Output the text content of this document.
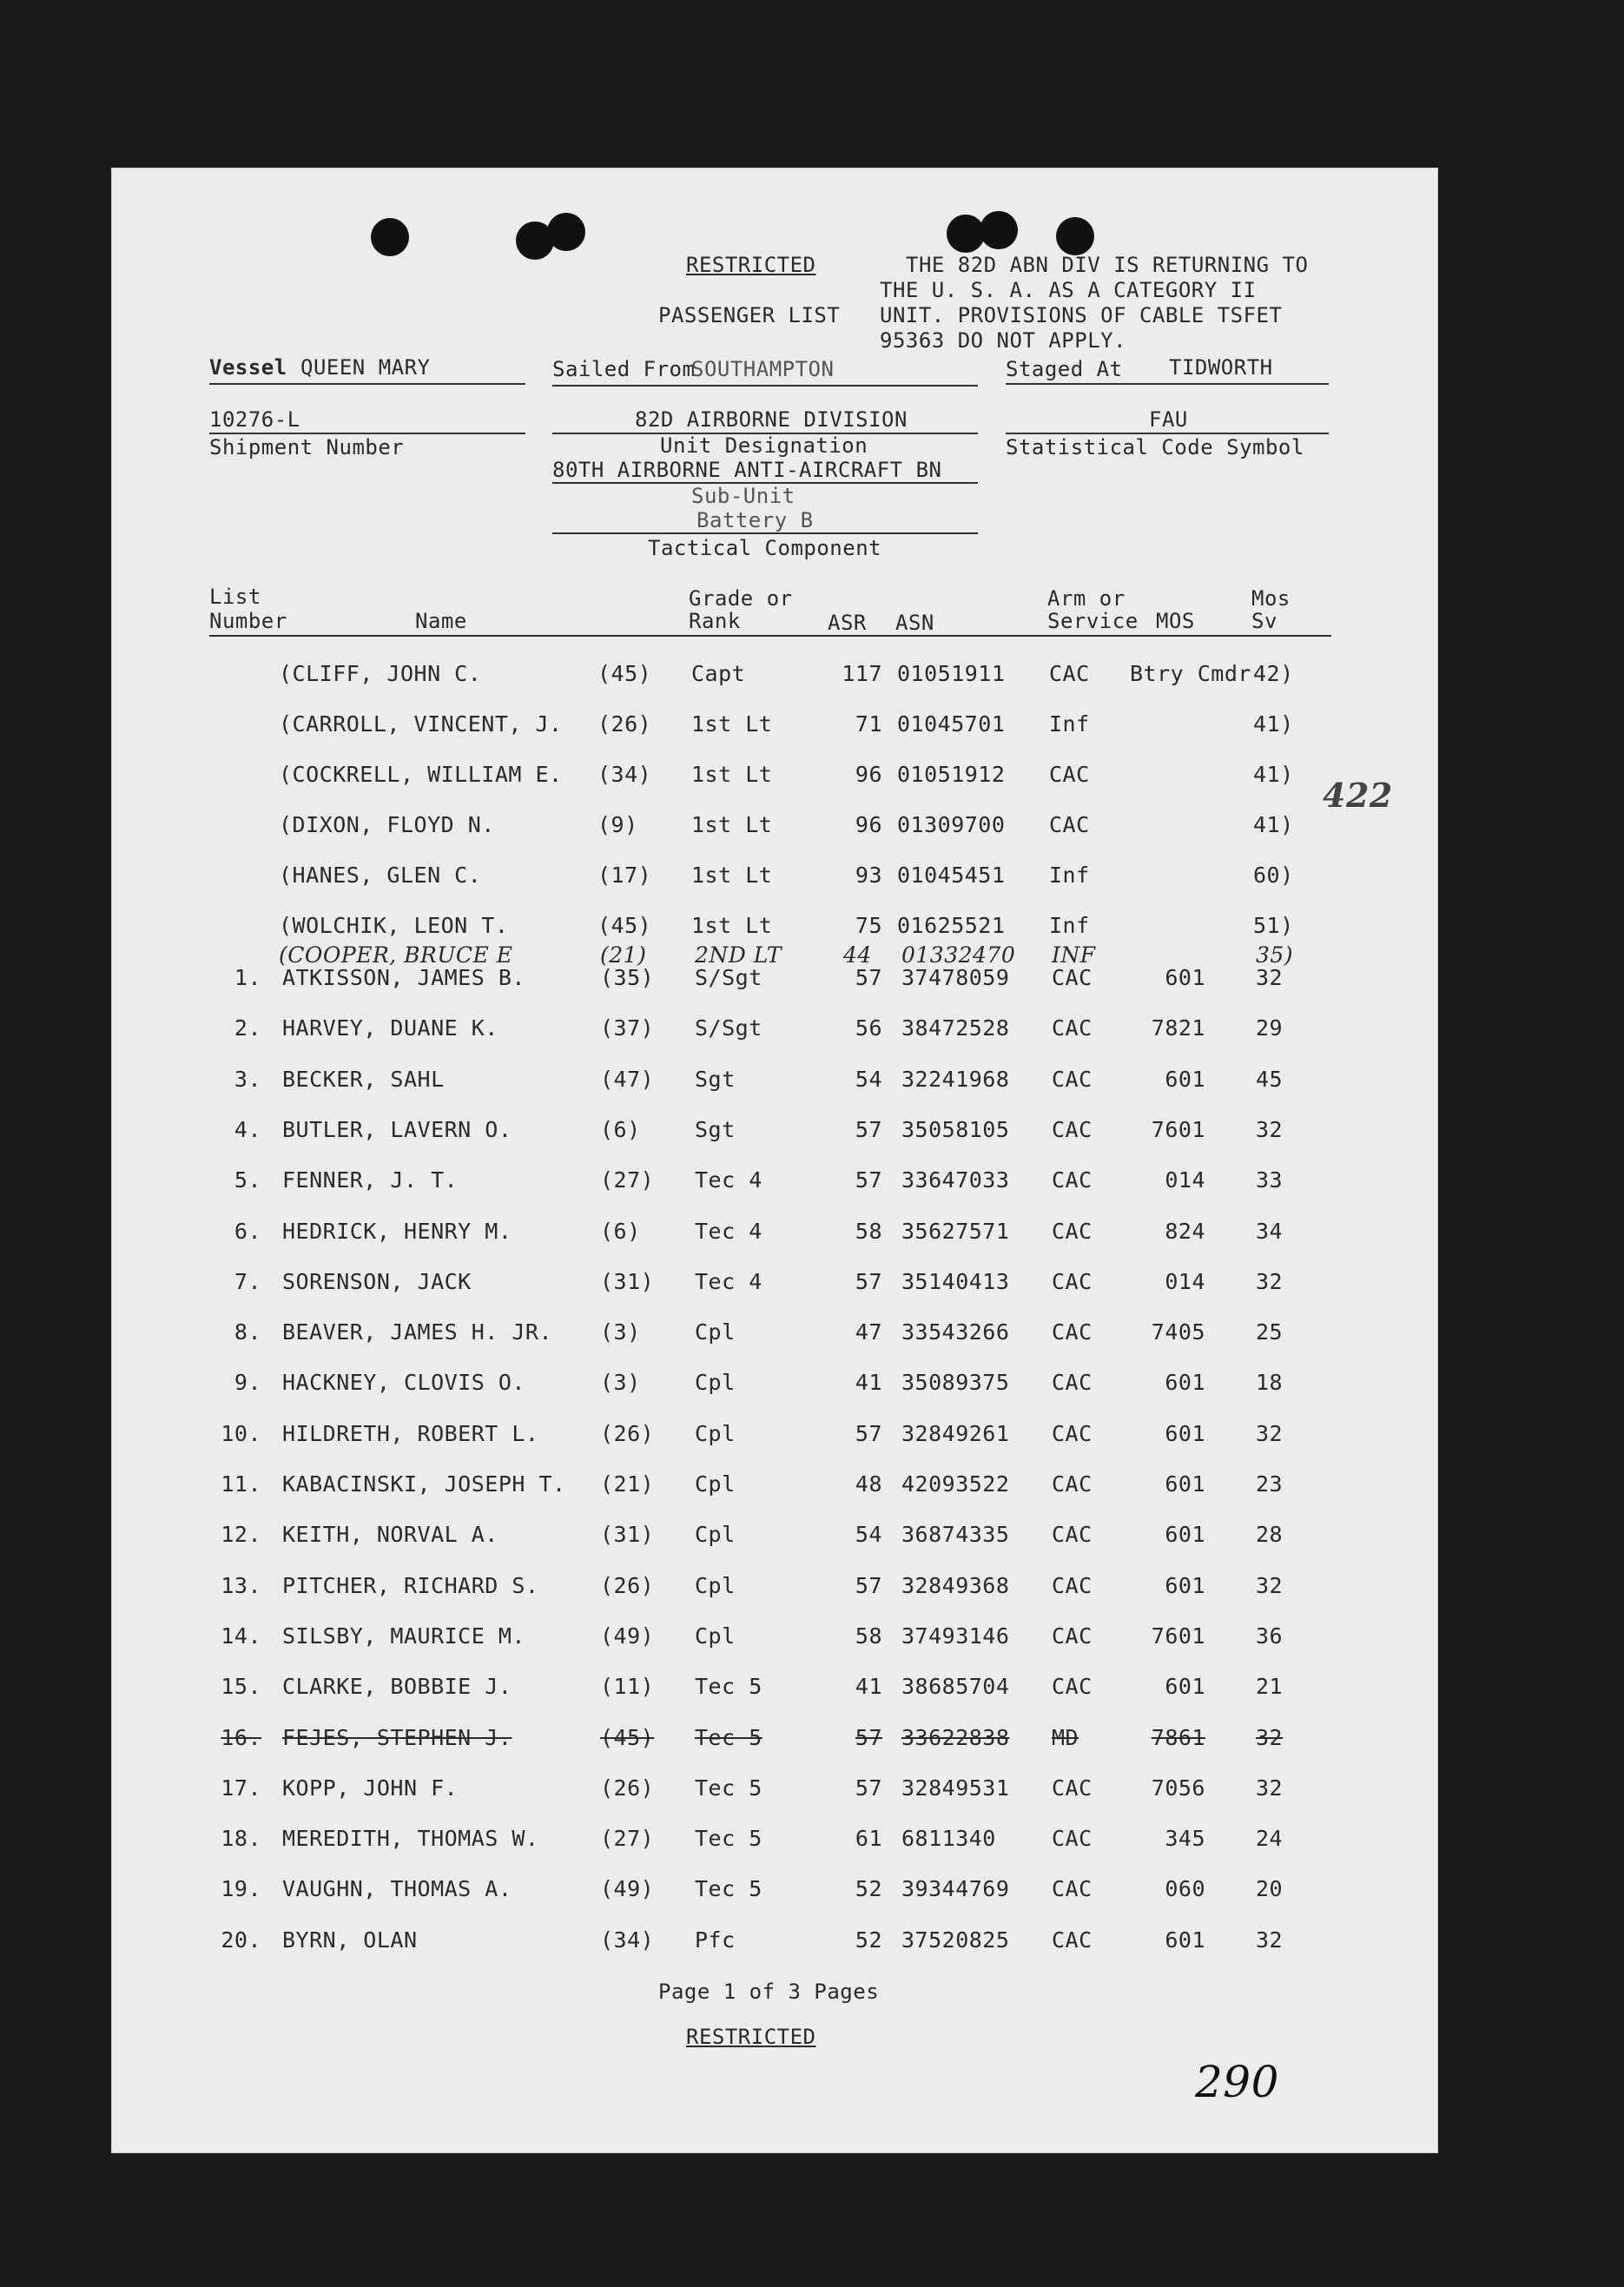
RESTRICTED
PASSENGER LIST
THE 82D ABN DIV IS RETURNING TO
THE U. S. A. AS A CATEGORY II
UNIT. PROVISIONS OF CABLE TSFET
95363 DO NOT APPLY.
Vessel QUEEN MARY	Sailed From
SOUTHAMPTON	Staged At TIDWORTH
10276-L
Shipment Number
82D AIRBORNE DIVISION
Unit Designation
80TH AIRBORNE ANTI-AIRCRAFT BN
Sub-Unit
Battery B
Tactical Component
FAU
Statistical Code Symbol
List
Number	Name
Grade or
Rank	ASR ASN
Arm or
Service MOS
Mos
Sv
(CLIFF, JOHN C.	(45) Capt	117 01051911 CAC Btry Cmdr 42)
(CARROLL, VINCENT, J. (26) 1st Lt	71 01045701 Inf	41)
(COCKRELL, WILLIAM E. (34) 1st Lt	96 01051912 CAC	41)
(DIXON, FLOYD N.	(9) 1st Lt	96 01309700 CAC	41)
(HANES, GLEN C.	(17) 1st Lt	93 01045451 Inf	60)
(WOLCHIK, LEON T.	(45) 1st Lt	75 01625521 Inf	51)
(COOPER, BRUCE E	(21) 2ND LT	44 01332470 INF	35)
1. ATKISSON, JAMES B.	(35) S/Sgt	57 37478059 CAC	601 32
2. HARVEY, DUANE K.	(37) S/Sgt	56 38472528 CAC	7821 29
3. BECKER, SAHL	(47) Sgt	54 32241968 CAC	601 45
4. BUTLER, LAVERN O.	(6) Sgt	57 35058105 CAC	7601 32
5. FENNER, J. T.	(27) Tec 4	57 33647033 CAC	014 33
6. HEDRICK, HENRY M.	(6) Tec 4	58 35627571 CAC	824 34
7. SORENSON, JACK	(31) Tec 4	57 35140413 CAC	014 32
8. BEAVER, JAMES H. JR. (3) Cpl	47 33543266 CAC	7405 25
9. HACKNEY, CLOVIS O.	(3) Cpl	41 35089375 CAC	601 18
10. HILDRETH, ROBERT L.	(26) Cpl	57 32849261 CAC	601 32
11. KABACINSKI, JOSEPH T. (21) Cpl	48 42093522 CAC	601 23
12. KEITH, NORVAL A.	(31) Cpl	54 36874335 CAC	601 28
13. PITCHER, RICHARD S.	(26) Cpl	57 32849368 CAC	601 32
14. SILSBY, MAURICE M.	(49) Cpl	58 37493146 CAC	7601 36
15. CLARKE, BOBBIE J.	(11) Tec 5	41 38685704 CAC	601 21
16. FEJES, STEPHEN J.	(45) Tec 5	57 33622838 MD	7861 32
17. KOPP, JOHN F.	(26) Tec 5	57 32849531 CAC	7056 32
18. MEREDITH, THOMAS W.	(27) Tec 5	61 6811340	CAC	345 24
19. VAUGHN, THOMAS A.	(49) Tec 5	52 39344769 CAC	060 20
20. BYRN, OLAN	(34) Pfc	52 37520825 CAC	601 32
Page 1 of 3 Pages
RESTRICTED
422
290
